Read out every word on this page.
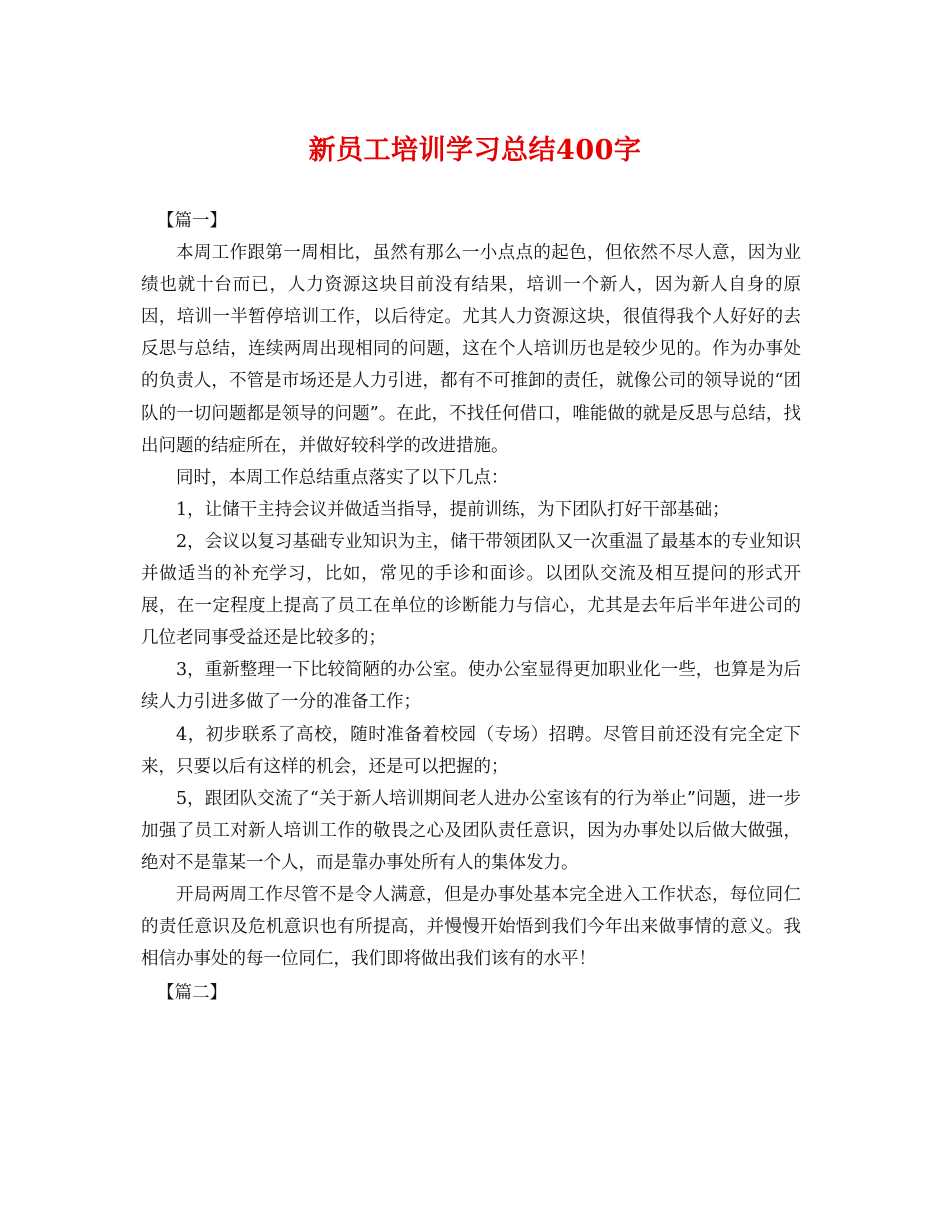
新员工培训学习总结400字

【篇一】

本周工作跟第一周相比，虽然有那么一小点点的起色，但依然不尽人意，因为业绩也就十台而已，人力资源这块目前没有结果，培训一个新人，因为新人自身的原因，培训一半暂停培训工作，以后待定。尤其人力资源这块，很值得我个人好好的去反思与总结，连续两周出现相同的问题，这在个人培训历也是较少见的。作为办事处的负责人，不管是市场还是人力引进，都有不可推卸的责任，就像公司的领导说的“团队的一切问题都是领导的问题”。在此，不找任何借口，唯能做的就是反思与总结，找出问题的结症所在，并做好较科学的改进措施。

同时，本周工作总结重点落实了以下几点：

1，让储干主持会议并做适当指导，提前训练，为下团队打好干部基础；

2，会议以复习基础专业知识为主，储干带领团队又一次重温了最基本的专业知识并做适当的补充学习，比如，常见的手诊和面诊。以团队交流及相互提问的形式开展，在一定程度上提高了员工在单位的诊断能力与信心，尤其是去年后半年进公司的几位老同事受益还是比较多的；

3，重新整理一下比较简陋的办公室。使办公室显得更加职业化一些，也算是为后续人力引进多做了一分的准备工作；

4，初步联系了高校，随时准备着校园（专场）招聘。尽管目前还没有完全定下来，只要以后有这样的机会，还是可以把握的；

5，跟团队交流了“关于新人培训期间老人进办公室该有的行为举止”问题，进一步加强了员工对新人培训工作的敬畏之心及团队责任意识，因为办事处以后做大做强，绝对不是靠某一个人，而是靠办事处所有人的集体发力。

开局两周工作尽管不是令人满意，但是办事处基本完全进入工作状态，每位同仁的责任意识及危机意识也有所提高，并慢慢开始悟到我们今年出来做事情的意义。我相信办事处的每一位同仁，我们即将做出我们该有的水平！

【篇二】
